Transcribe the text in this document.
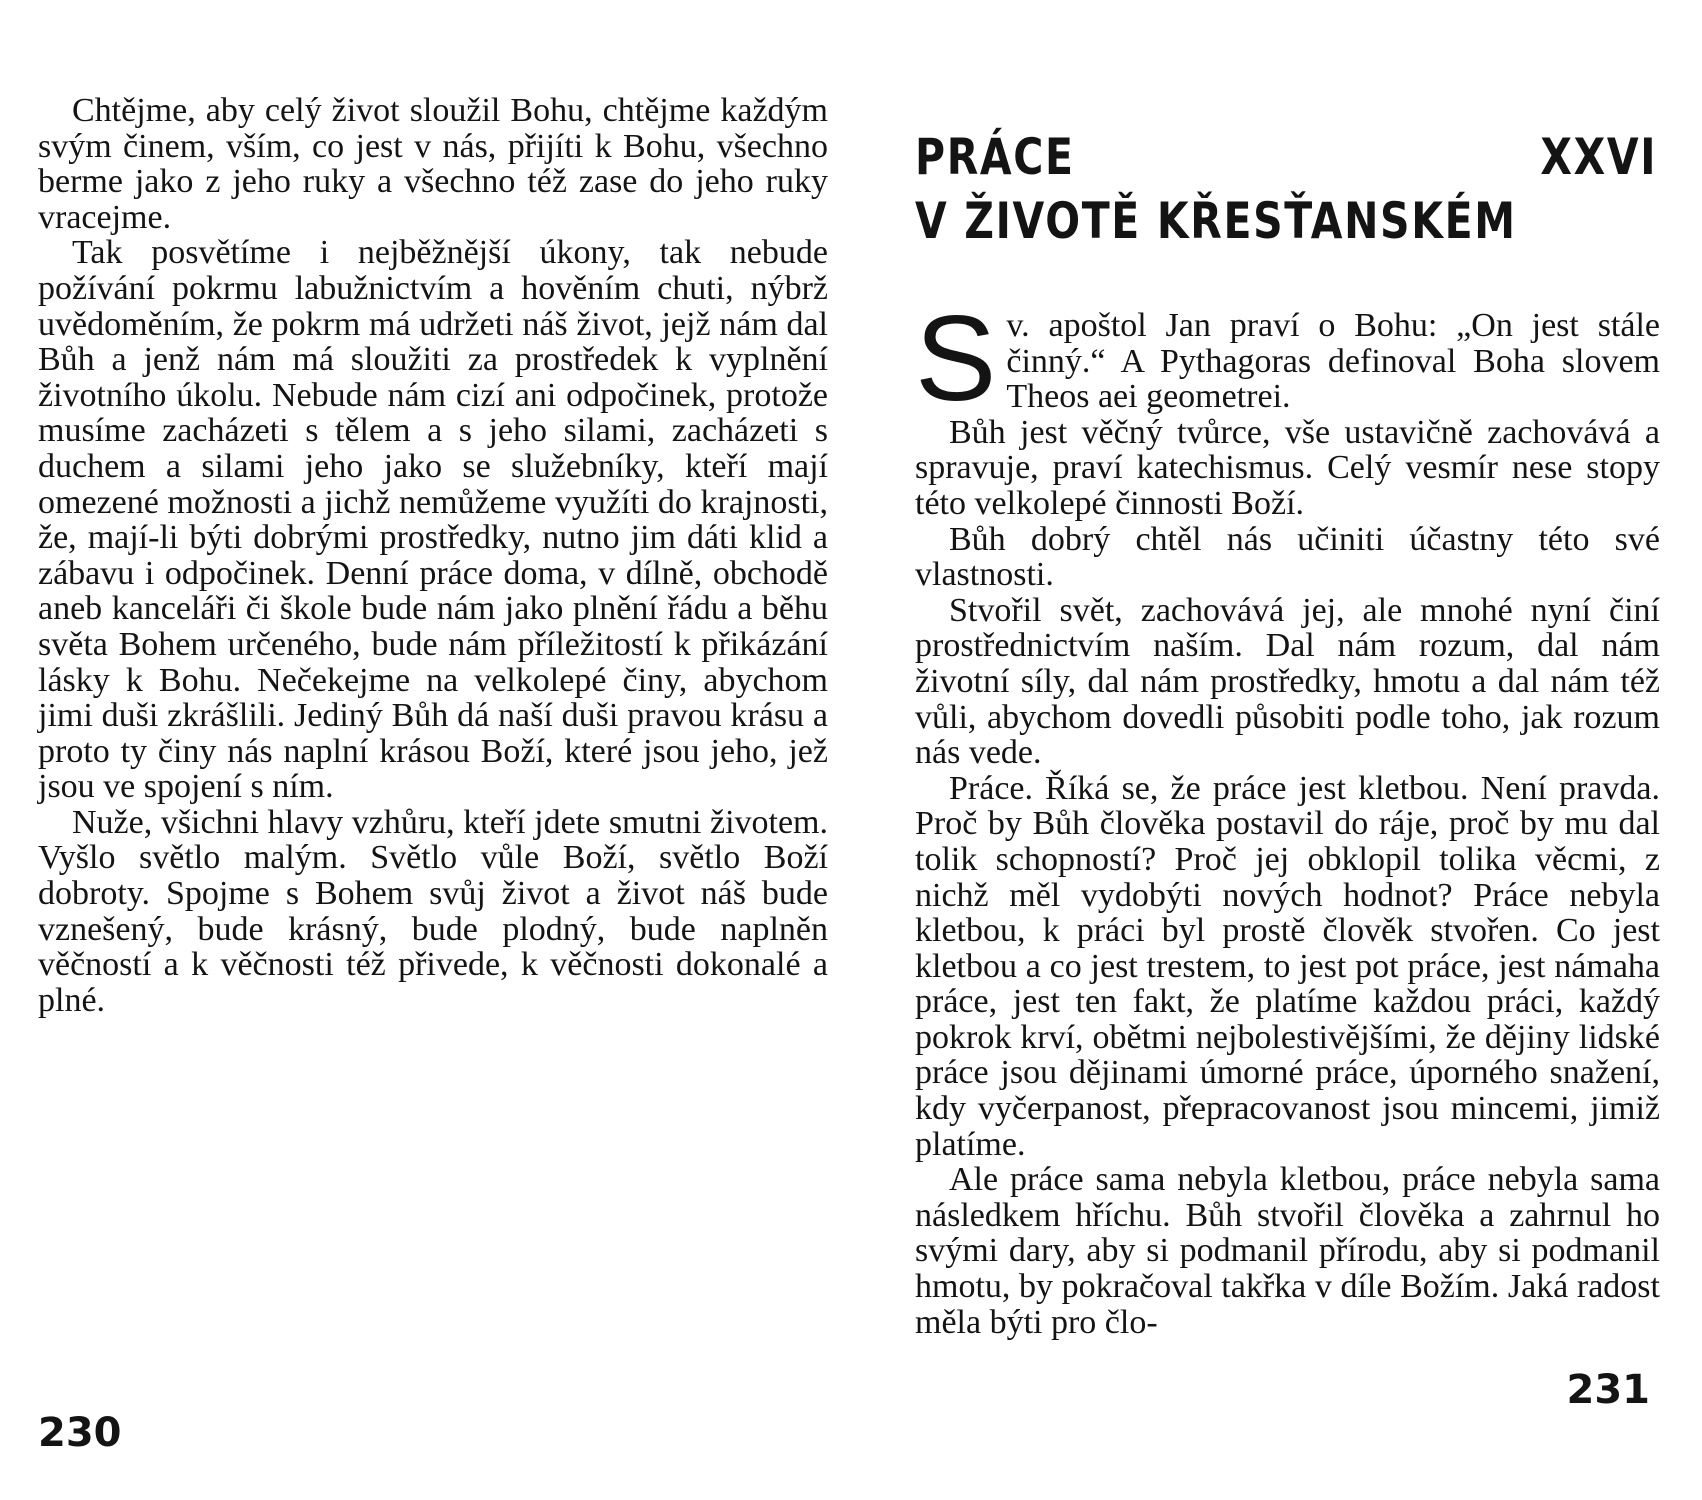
Chtějme, aby celý život sloužil Bohu, chtějme každým svým činem, vším, co jest v nás, přijíti k Bohu, všechno berme jako z jeho ruky a všechno též zase do jeho ruky vracejme.

Tak posvětíme i nejběžnější úkony, tak nebude požívání pokrmu labužnictvím a hověním chuti, nýbrž uvědoměním, že pokrm má udržeti náš život, jejž nám dal Bůh a jenž nám má sloužiti za prostředek k vyplnění životního úkolu. Nebude nám cizí ani odpočinek, protože musíme zacházeti s tělem a s jeho silami, zacházeti s duchem a silami jeho jako se služebníky, kteří mají omezené možnosti a jichž nemůžeme využíti do krajnosti, že, mají-li býti dobrými prostředky, nutno jim dáti klid a zábavu i odpočinek. Denní práce doma, v dílně, obchodě aneb kanceláři či škole bude nám jako plnění řádu a běhu světa Bohem určeného, bude nám příležitostí k přikázání lásky k Bohu. Nečekejme na velkolepé činy, abychom jimi duši zkrášlili. Jediný Bůh dá naší duši pravou krásu a proto ty činy nás naplní krásou Boží, které jsou jeho, jež jsou ve spojení s ním.

Nuže, všichni hlavy vzhůru, kteří jdete smutni životem. Vyšlo světlo malým. Světlo vůle Boží, světlo Boží dobroty. Spojme s Bohem svůj život a život náš bude vznešený, bude krásný, bude plodný, bude naplněn věčností a k věčnosti též přivede, k věčnosti dokonalé a plné.

230
PRÁCE	XXVI
V ŽIVOTĚ KŘESŤANSKÉM

Sv. apoštol Jan praví o Bohu: „On jest stále činný.“ A Pythagoras definoval Boha slovem Theos aei geometrei.

Bůh jest věčný tvůrce, vše ustavičně zachovává a spravuje, praví katechismus. Celý vesmír nese stopy této velkolepé činnosti Boží.

Bůh dobrý chtěl nás učiniti účastny této své vlastnosti.

Stvořil svět, zachovává jej, ale mnohé nyní činí prostřednictvím naším. Dal nám rozum, dal nám životní síly, dal nám prostředky, hmotu a dal nám též vůli, abychom dovedli působiti podle toho, jak rozum nás vede.

Práce. Říká se, že práce jest kletbou. Není pravda. Proč by Bůh člověka postavil do ráje, proč by mu dal tolik schopností? Proč jej obklopil tolika věcmi, z nichž měl vydobýti nových hodnot? Práce nebyla kletbou, k práci byl prostě člověk stvořen. Co jest kletbou a co jest trestem, to jest pot práce, jest námaha práce, jest ten fakt, že platíme každou práci, každý pokrok krví, obětmi nejbolestivějšími, že dějiny lidské práce jsou dějinami úmorné práce, úporného snažení, kdy vyčerpanost, přepracovanost jsou mincemi, jimiž platíme.

Ale práce sama nebyla kletbou, práce nebyla sama následkem hříchu. Bůh stvořil člověka a zahrnul ho svými dary, aby si podmanil přírodu, aby si podmanil hmotu, by pokračoval takřka v díle Božím. Jaká radost měla býti pro člo-

231
